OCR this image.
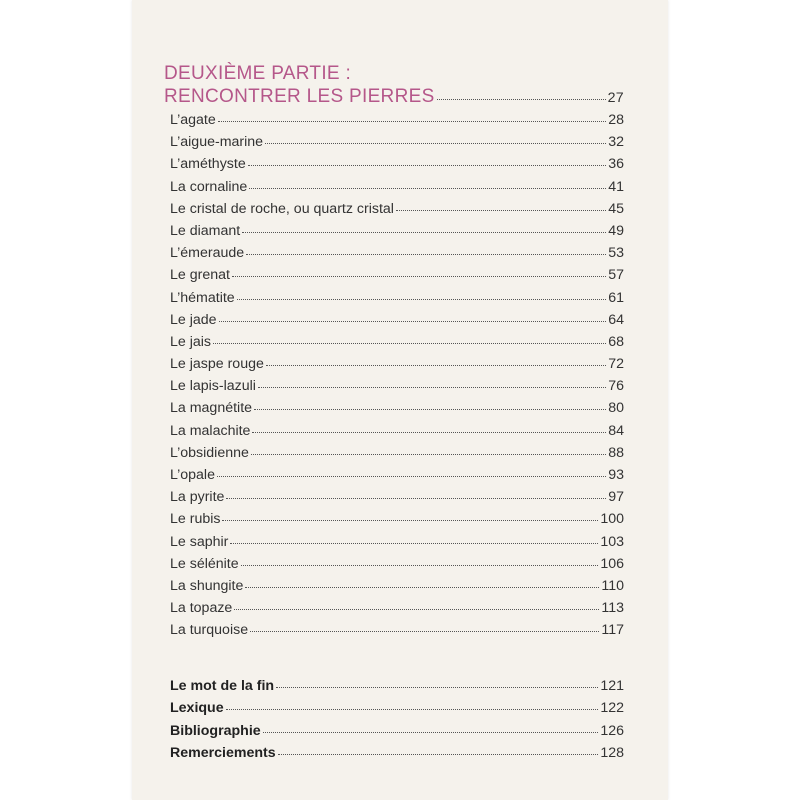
DEUXIÈME PARTIE :
RENCONTRER LES PIERRES	27
L’agate	28
L’aigue-marine	32
L’améthyste	36
La cornaline	41
Le cristal de roche, ou quartz cristal	45
Le diamant	49
L’émeraude	53
Le grenat	57
L’hématite	61
Le jade	64
Le jais	68
Le jaspe rouge	72
Le lapis-lazuli	76
La magnétite	80
La malachite	84
L’obsidienne	88
L’opale	93
La pyrite	97
Le rubis	100
Le saphir	103
Le sélénite	106
La shungite	110
La topaze	113
La turquoise	117
Le mot de la fin	121
Lexique	122
Bibliographie	126
Remerciements	128
